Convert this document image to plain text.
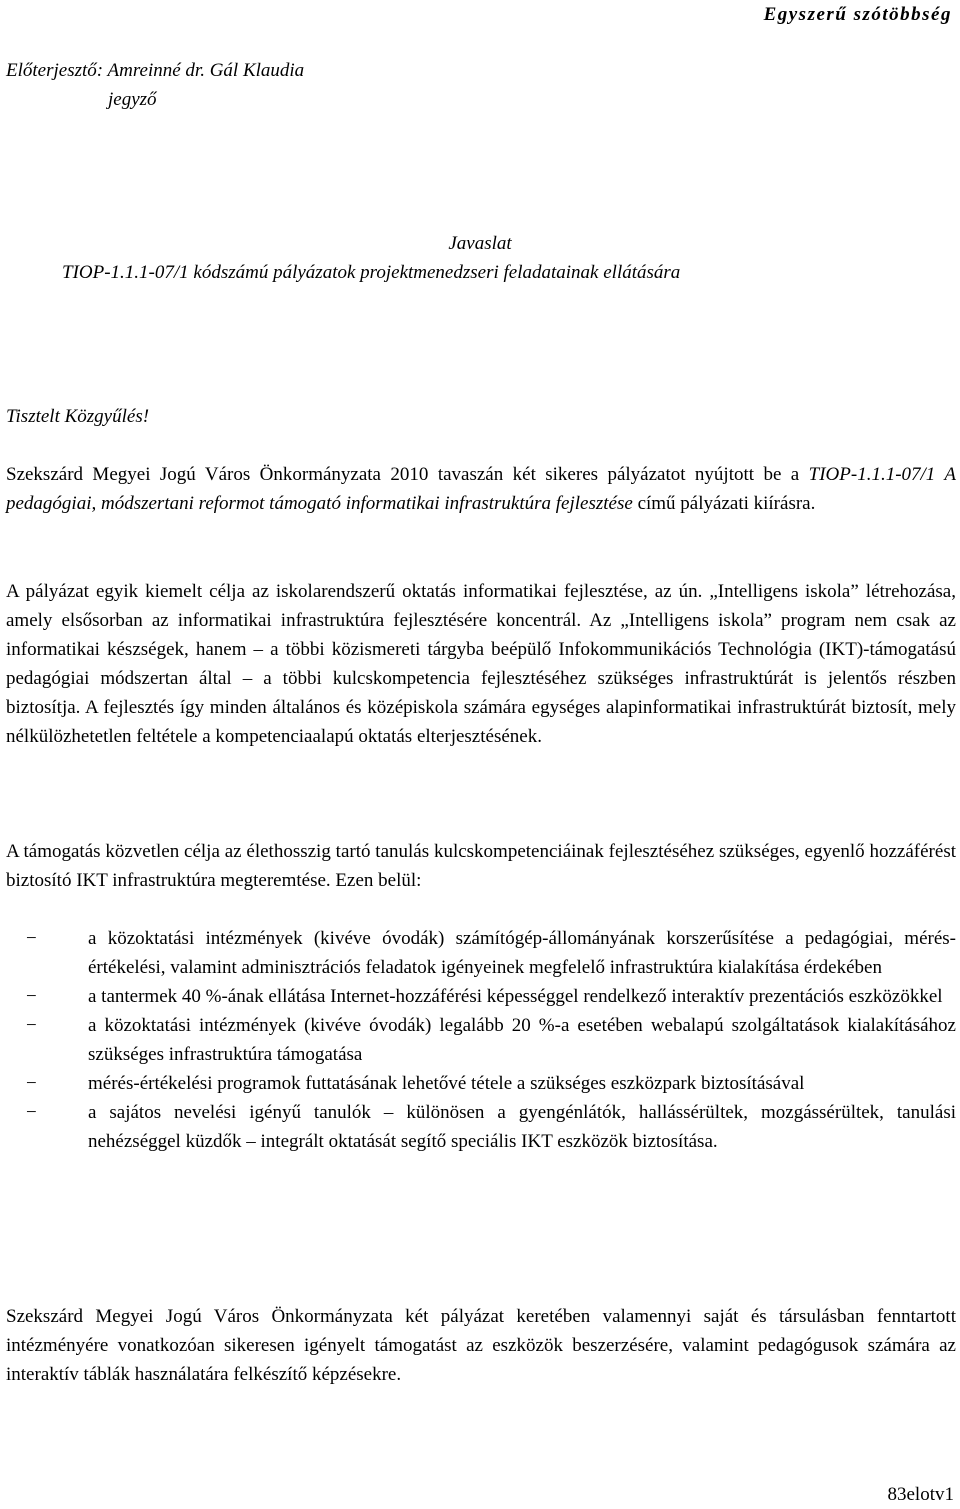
Egyszerű szótöbbség
Előterjesztő: Amreinné dr. Gál Klaudia
jegyző
Javaslat
TIOP-1.1.1-07/1 kódszámú pályázatok projektmenedzseri feladatainak ellátására
Tisztelt Közgyűlés!
Szekszárd Megyei Jogú Város Önkormányzata 2010 tavaszán két sikeres pályázatot nyújtott be a TIOP-1.1.1-07/1 A pedagógiai, módszertani reformot támogató informatikai infrastruktúra fejlesztése című pályázati kiírásra.
A pályázat egyik kiemelt célja az iskolarendszerű oktatás informatikai fejlesztése, az ún. „Intelligens iskola” létrehozása, amely elsősorban az informatikai infrastruktúra fejlesztésére koncentrál. Az „Intelligens iskola” program nem csak az informatikai készségek, hanem – a többi közismereti tárgyba beépülő Infokommunikációs Technológia (IKT)-támogatású pedagógiai módszertan által – a többi kulcskompetencia fejlesztéséhez szükséges infrastruktúrát is jelentős részben biztosítja. A fejlesztés így minden általános és középiskola számára egységes alapinformatikai infrastruktúrát biztosít, mely nélkülözhetetlen feltétele a kompetenciaalapú oktatás elterjesztésének.
A támogatás közvetlen célja az élethosszig tartó tanulás kulcskompetenciáinak fejlesztéséhez szükséges, egyenlő hozzáférést biztosító IKT infrastruktúra megteremtése. Ezen belül:
−	a közoktatási intézmények (kivéve óvodák) számítógép-állományának korszerűsítése a pedagógiai, mérés-értékelési, valamint adminisztrációs feladatok igényeinek megfelelő infrastruktúra kialakítása érdekében
−	a tantermek 40 %-ának ellátása Internet-hozzáférési képességgel rendelkező interaktív prezentációs eszközökkel
−	a közoktatási intézmények (kivéve óvodák) legalább 20 %-a esetében webalapú szolgáltatások kialakításához szükséges infrastruktúra támogatása
−	mérés-értékelési programok futtatásának lehetővé tétele a szükséges eszközpark biztosításával
−	a sajátos nevelési igényű tanulók – különösen a gyengénlátók, hallássérültek, mozgássérültek, tanulási nehézséggel küzdők – integrált oktatását segítő speciális IKT eszközök biztosítása.
Szekszárd Megyei Jogú Város Önkormányzata két pályázat keretében valamennyi saját és társulásban fenntartott intézményére vonatkozóan sikeresen igényelt támogatást az eszközök beszerzésére, valamint pedagógusok számára az interaktív táblák használatára felkészítő képzésekre.
83elotv1
